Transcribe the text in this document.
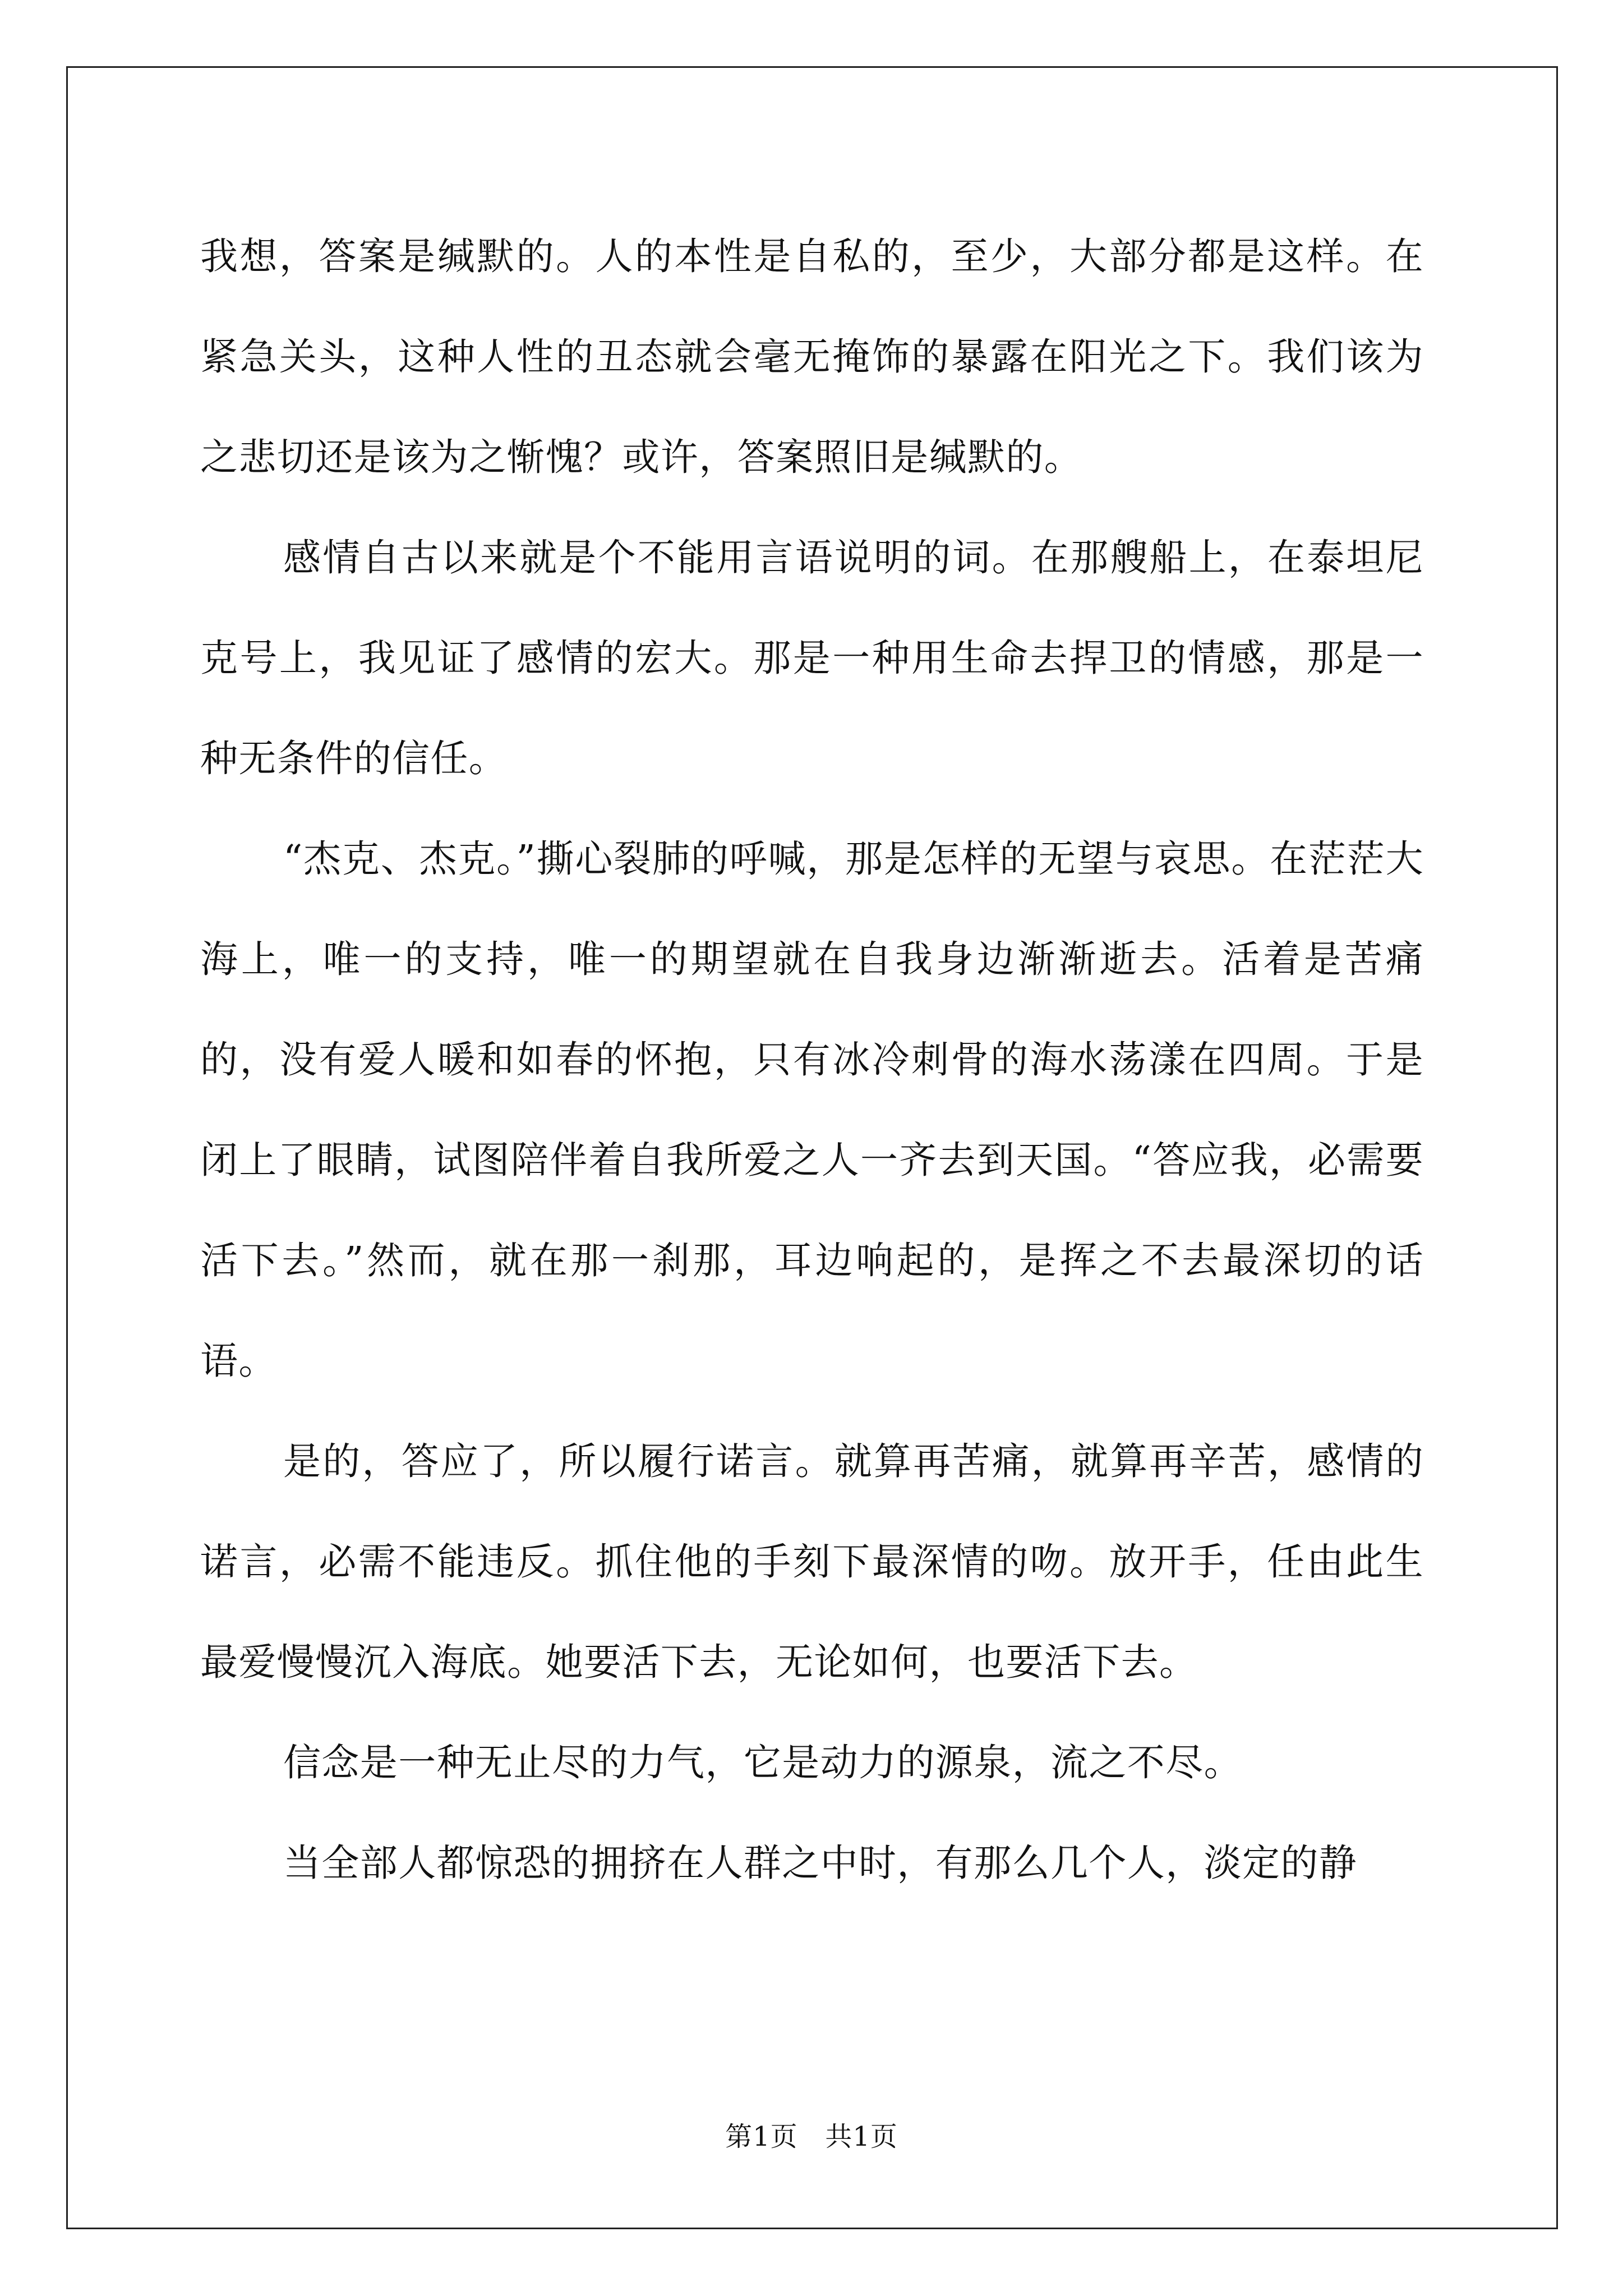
我想，答案是缄默的。人的本性是自私的，至少，大部分都是这样。在紧急关头，这种人性的丑态就会毫无掩饰的暴露在阳光之下。我们该为之悲切还是该为之惭愧？或许，答案照旧是缄默的。

感情自古以来就是个不能用言语说明的词。在那艘船上，在泰坦尼克号上，我见证了感情的宏大。那是一种用生命去捍卫的情感，那是一种无条件的信任。

“杰克、杰克。”撕心裂肺的呼喊，那是怎样的无望与哀思。在茫茫大海上，唯一的支持，唯一的期望就在自我身边渐渐逝去。活着是苦痛的，没有爱人暖和如春的怀抱，只有冰冷刺骨的海水荡漾在四周。于是闭上了眼睛，试图陪伴着自我所爱之人一齐去到天国。“答应我，必需要活下去。”然而，就在那一刹那，耳边响起的，是挥之不去最深切的话语。

是的，答应了，所以履行诺言。就算再苦痛，就算再辛苦，感情的诺言，必需不能违反。抓住他的手刻下最深情的吻。放开手，任由此生最爱慢慢沉入海底。她要活下去，无论如何，也要活下去。

信念是一种无止尽的力气，它是动力的源泉，流之不尽。

当全部人都惊恐的拥挤在人群之中时，有那么几个人，淡定的静

第1页 共1页
